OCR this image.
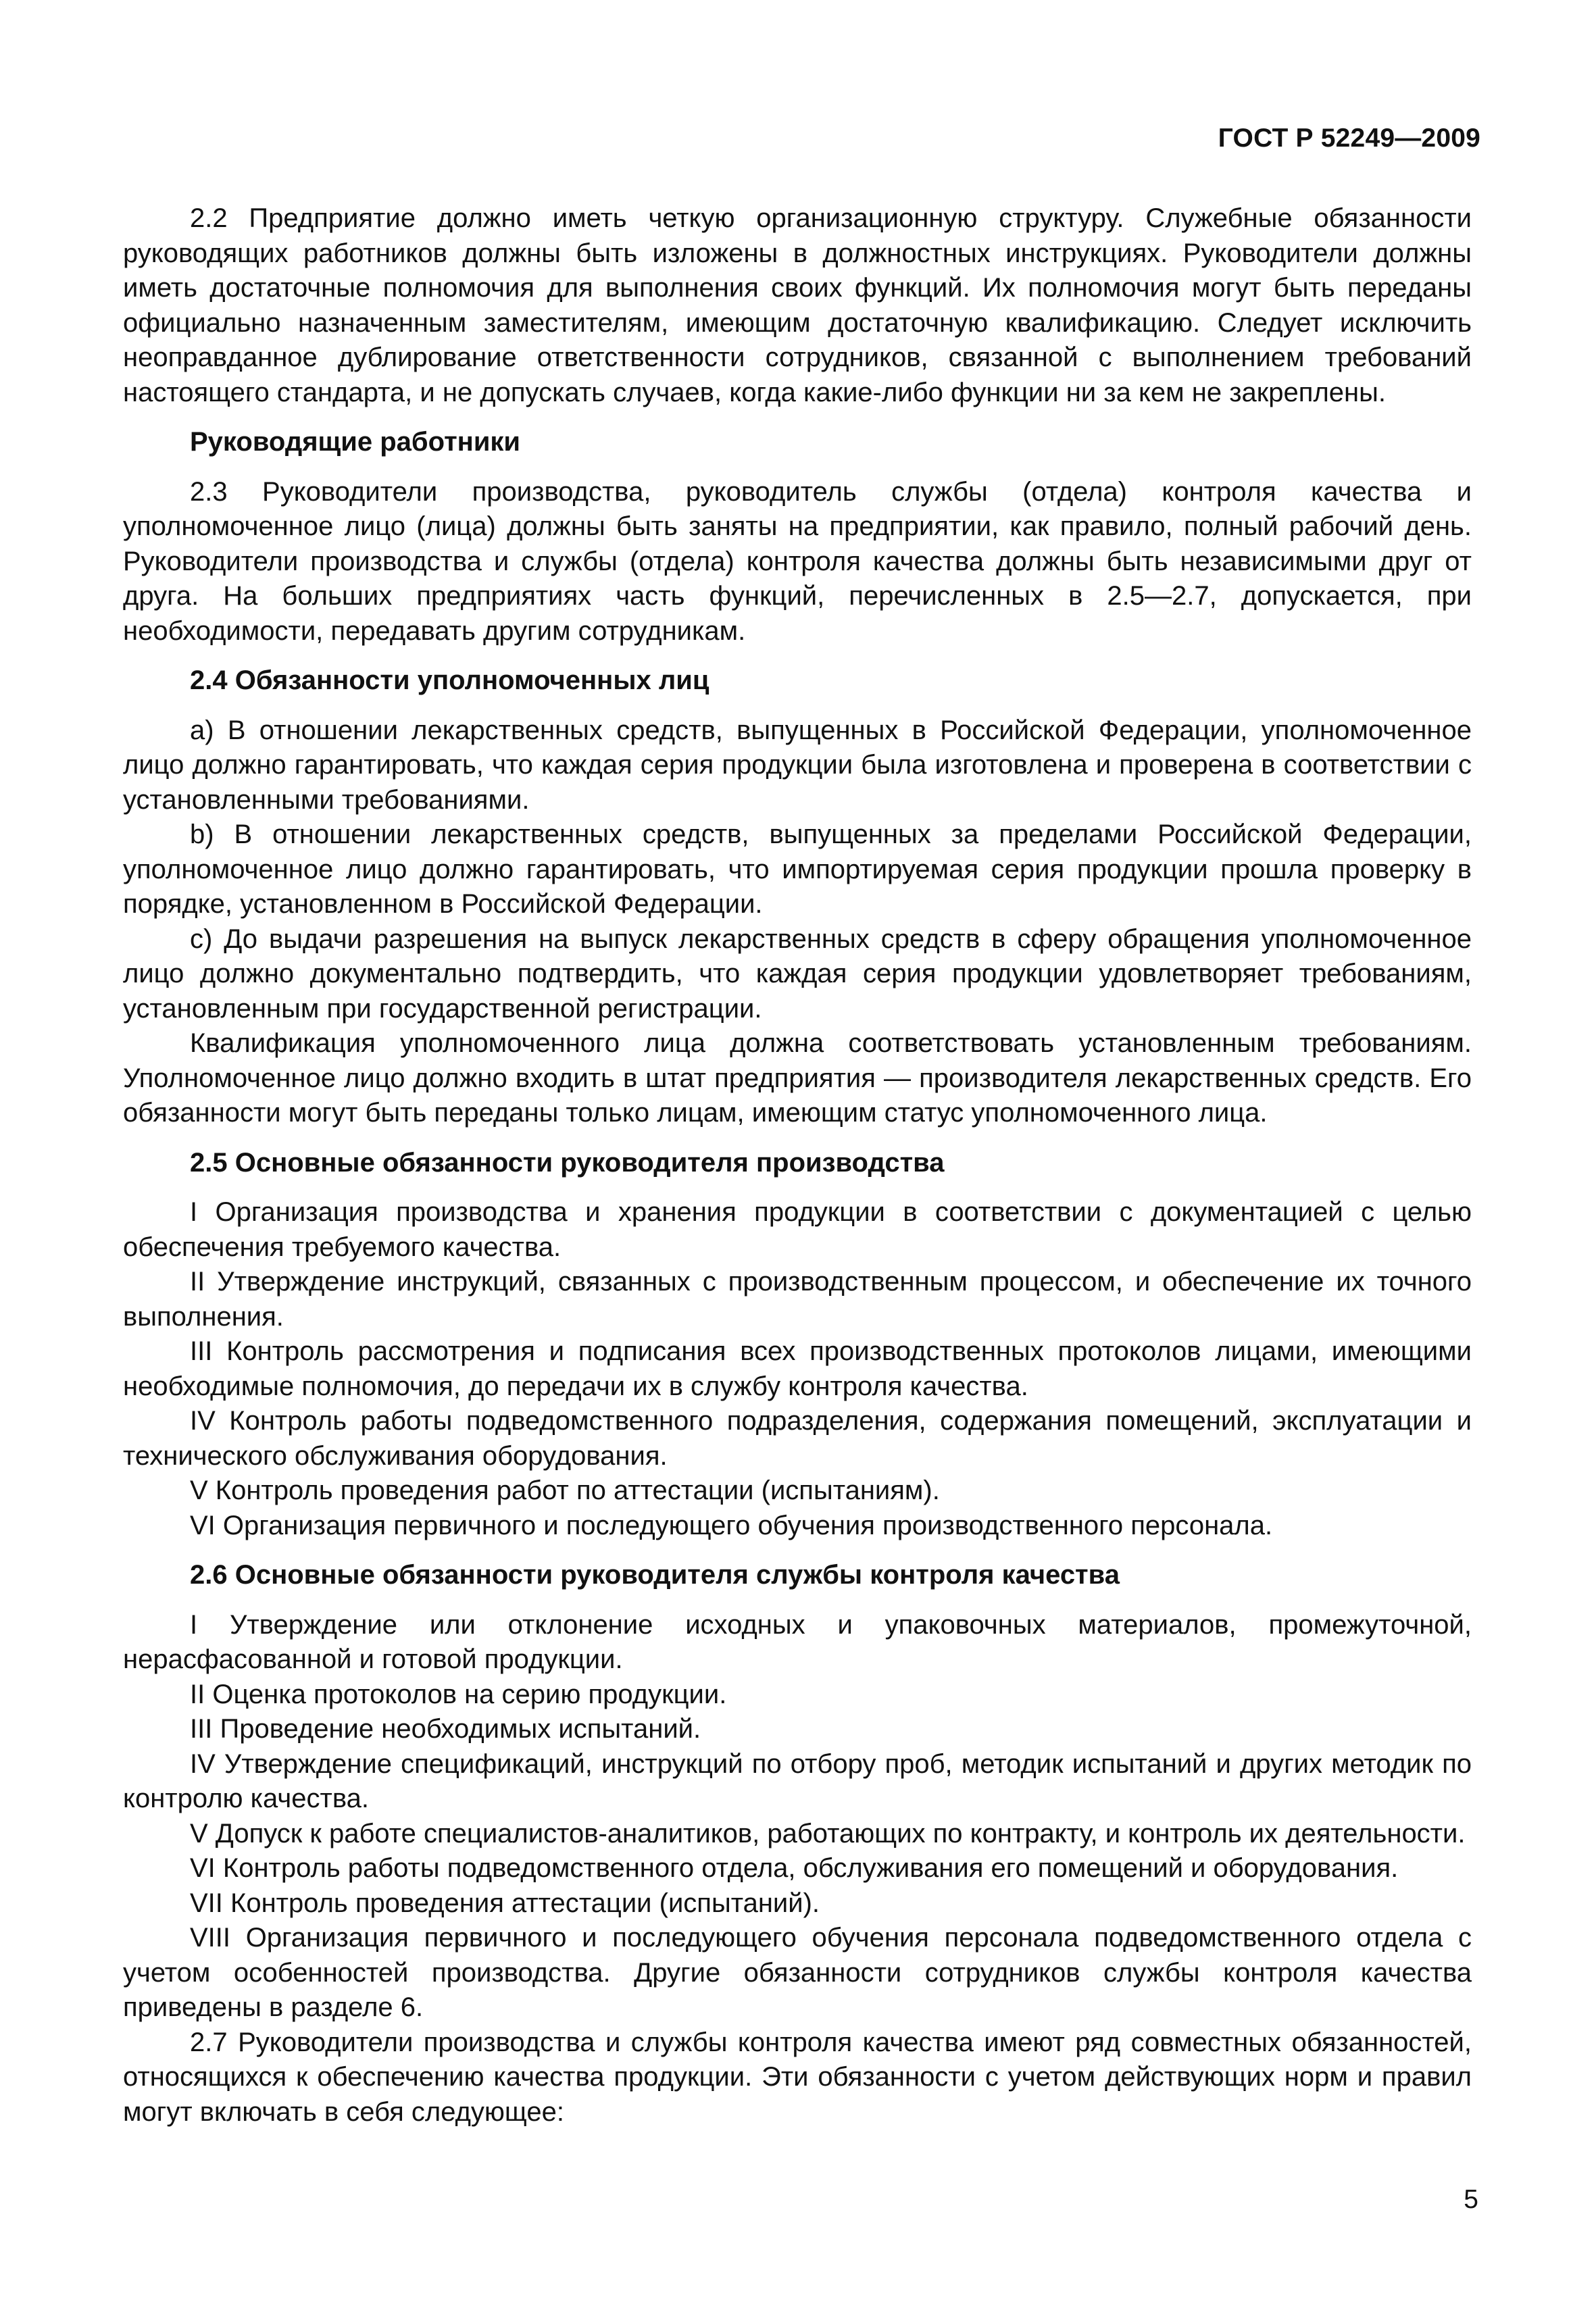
ГОСТ Р 52249—2009

2.2 Предприятие должно иметь четкую организационную структуру. Служебные обязанности руководящих работников должны быть изложены в должностных инструкциях. Руководители должны иметь достаточные полномочия для выполнения своих функций. Их полномочия могут быть переданы официально назначенным заместителям, имеющим достаточную квалификацию. Следует исключить неоправданное дублирование ответственности сотрудников, связанной с выполнением требований настоящего стандарта, и не допускать случаев, когда какие-либо функции ни за кем не закреплены.

Руководящие работники

2.3 Руководители производства, руководитель службы (отдела) контроля качества и уполномоченное лицо (лица) должны быть заняты на предприятии, как правило, полный рабочий день. Руководители производства и службы (отдела) контроля качества должны быть независимыми друг от друга. На больших предприятиях часть функций, перечисленных в 2.5—2.7, допускается, при необходимости, передавать другим сотрудникам.

2.4 Обязанности уполномоченных лиц

а) В отношении лекарственных средств, выпущенных в Российской Федерации, уполномоченное лицо должно гарантировать, что каждая серия продукции была изготовлена и проверена в соответствии с установленными требованиями.

b) В отношении лекарственных средств, выпущенных за пределами Российской Федерации, уполномоченное лицо должно гарантировать, что импортируемая серия продукции прошла проверку в порядке, установленном в Российской Федерации.

с) До выдачи разрешения на выпуск лекарственных средств в сферу обращения уполномоченное лицо должно документально подтвердить, что каждая серия продукции удовлетворяет требованиям, установленным при государственной регистрации.

Квалификация уполномоченного лица должна соответствовать установленным требованиям. Уполномоченное лицо должно входить в штат предприятия — производителя лекарственных средств. Его обязанности могут быть переданы только лицам, имеющим статус уполномоченного лица.

2.5 Основные обязанности руководителя производства

I Организация производства и хранения продукции в соответствии с документацией с целью обеспечения требуемого качества.

II Утверждение инструкций, связанных с производственным процессом, и обеспечение их точного выполнения.

III Контроль рассмотрения и подписания всех производственных протоколов лицами, имеющими необходимые полномочия, до передачи их в службу контроля качества.

IV Контроль работы подведомственного подразделения, содержания помещений, эксплуатации и технического обслуживания оборудования.

V Контроль проведения работ по аттестации (испытаниям).

VI Организация первичного и последующего обучения производственного персонала.

2.6 Основные обязанности руководителя службы контроля качества

I Утверждение или отклонение исходных и упаковочных материалов, промежуточной, нерасфасованной и готовой продукции.

II Оценка протоколов на серию продукции.

III Проведение необходимых испытаний.

IV Утверждение спецификаций, инструкций по отбору проб, методик испытаний и других методик по контролю качества.

V Допуск к работе специалистов-аналитиков, работающих по контракту, и контроль их деятельности.

VI Контроль работы подведомственного отдела, обслуживания его помещений и оборудования.

VII Контроль проведения аттестации (испытаний).

VIII Организация первичного и последующего обучения персонала подведомственного отдела с учетом особенностей производства. Другие обязанности сотрудников службы контроля качества приведены в разделе 6.

2.7 Руководители производства и службы контроля качества имеют ряд совместных обязанностей, относящихся к обеспечению качества продукции. Эти обязанности с учетом действующих норм и правил могут включать в себя следующее:

5
